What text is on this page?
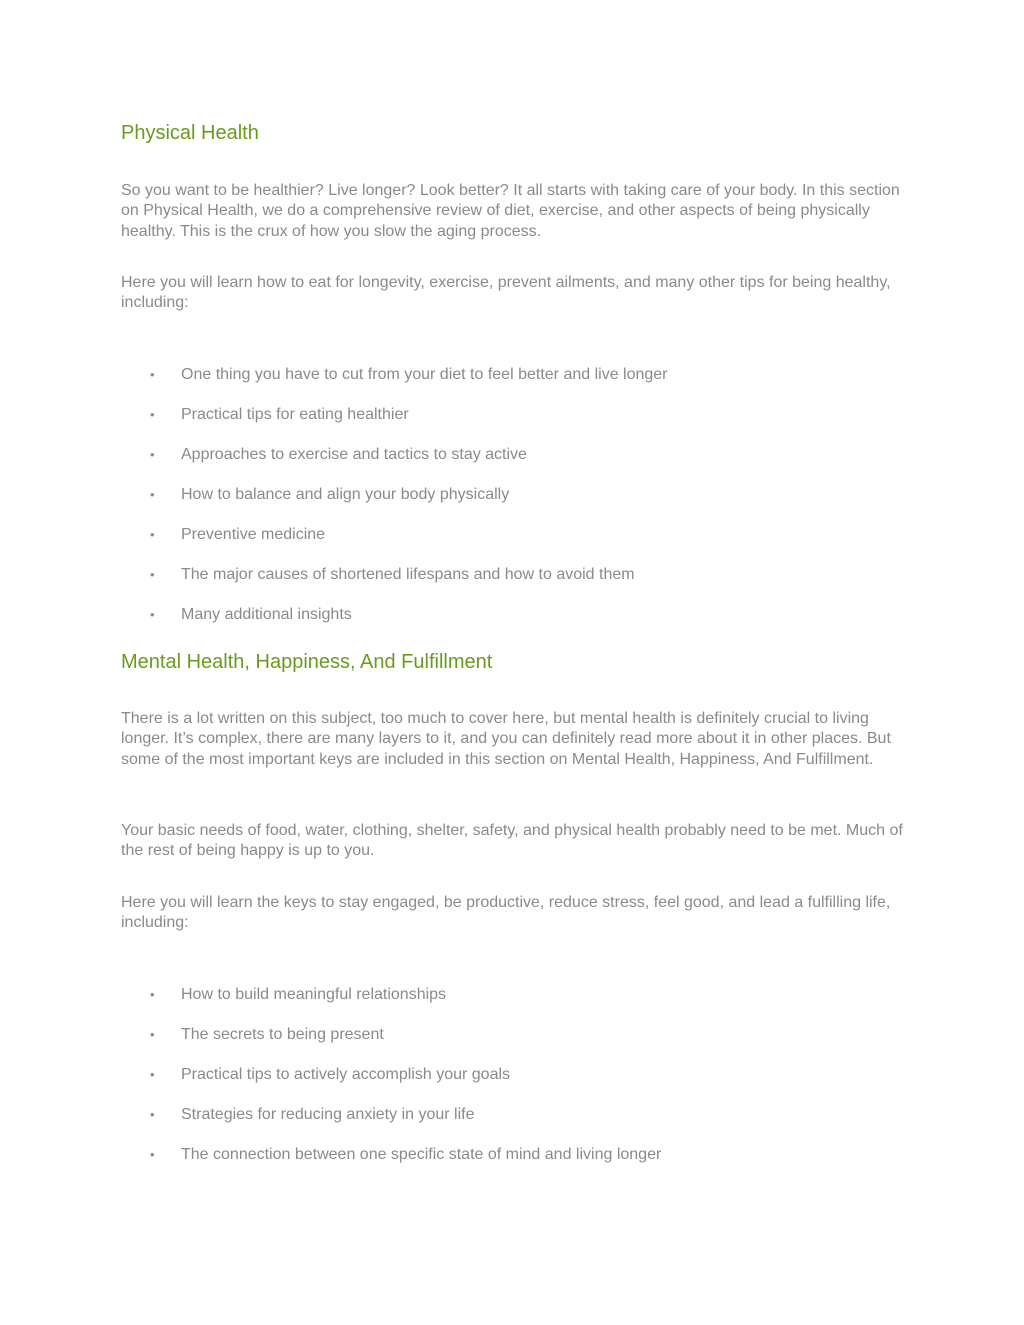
Physical Health

So you want to be healthier? Live longer? Look better? It all starts with taking care of your body. In this section on Physical Health, we do a comprehensive review of diet, exercise, and other aspects of being physically healthy. This is the crux of how you slow the aging process.

Here you will learn how to eat for longevity, exercise, prevent ailments, and many other tips for being healthy, including:

• One thing you have to cut from your diet to feel better and live longer
• Practical tips for eating healthier
• Approaches to exercise and tactics to stay active
• How to balance and align your body physically
• Preventive medicine
• The major causes of shortened lifespans and how to avoid them
• Many additional insights
Mental Health, Happiness, And Fulfillment

There is a lot written on this subject, too much to cover here, but mental health is definitely crucial to living longer. It’s complex, there are many layers to it, and you can definitely read more about it in other places. But some of the most important keys are included in this section on Mental Health, Happiness, And Fulfillment.

Your basic needs of food, water, clothing, shelter, safety, and physical health probably need to be met. Much of the rest of being happy is up to you.

Here you will learn the keys to stay engaged, be productive, reduce stress, feel good, and lead a fulfilling life, including:

• How to build meaningful relationships
• The secrets to being present
• Practical tips to actively accomplish your goals
• Strategies for reducing anxiety in your life
• The connection between one specific state of mind and living longer
